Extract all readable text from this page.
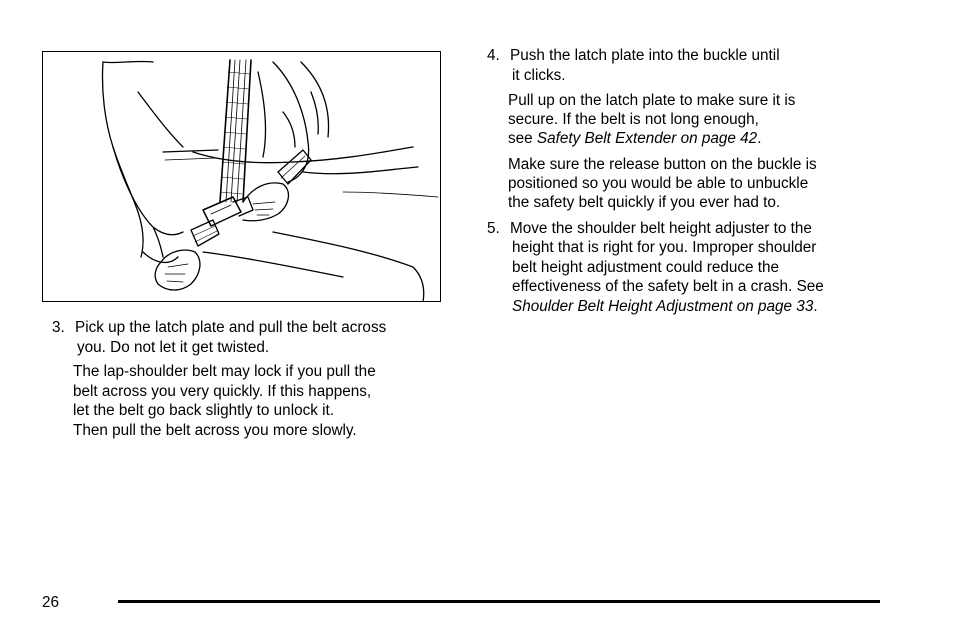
3. Pick up the latch plate and pull the belt across
you. Do not let it get twisted.
The lap-shoulder belt may lock if you pull the
belt across you very quickly. If this happens,
let the belt go back slightly to unlock it.
Then pull the belt across you more slowly.
4. Push the latch plate into the buckle until
it clicks.
Pull up on the latch plate to make sure it is
secure. If the belt is not long enough,
see Safety Belt Extender on page 42.
Make sure the release button on the buckle is
positioned so you would be able to unbuckle
the safety belt quickly if you ever had to.
5. Move the shoulder belt height adjuster to the
height that is right for you. Improper shoulder
belt height adjustment could reduce the
effectiveness of the safety belt in a crash. See
Shoulder Belt Height Adjustment on page 33.
26
